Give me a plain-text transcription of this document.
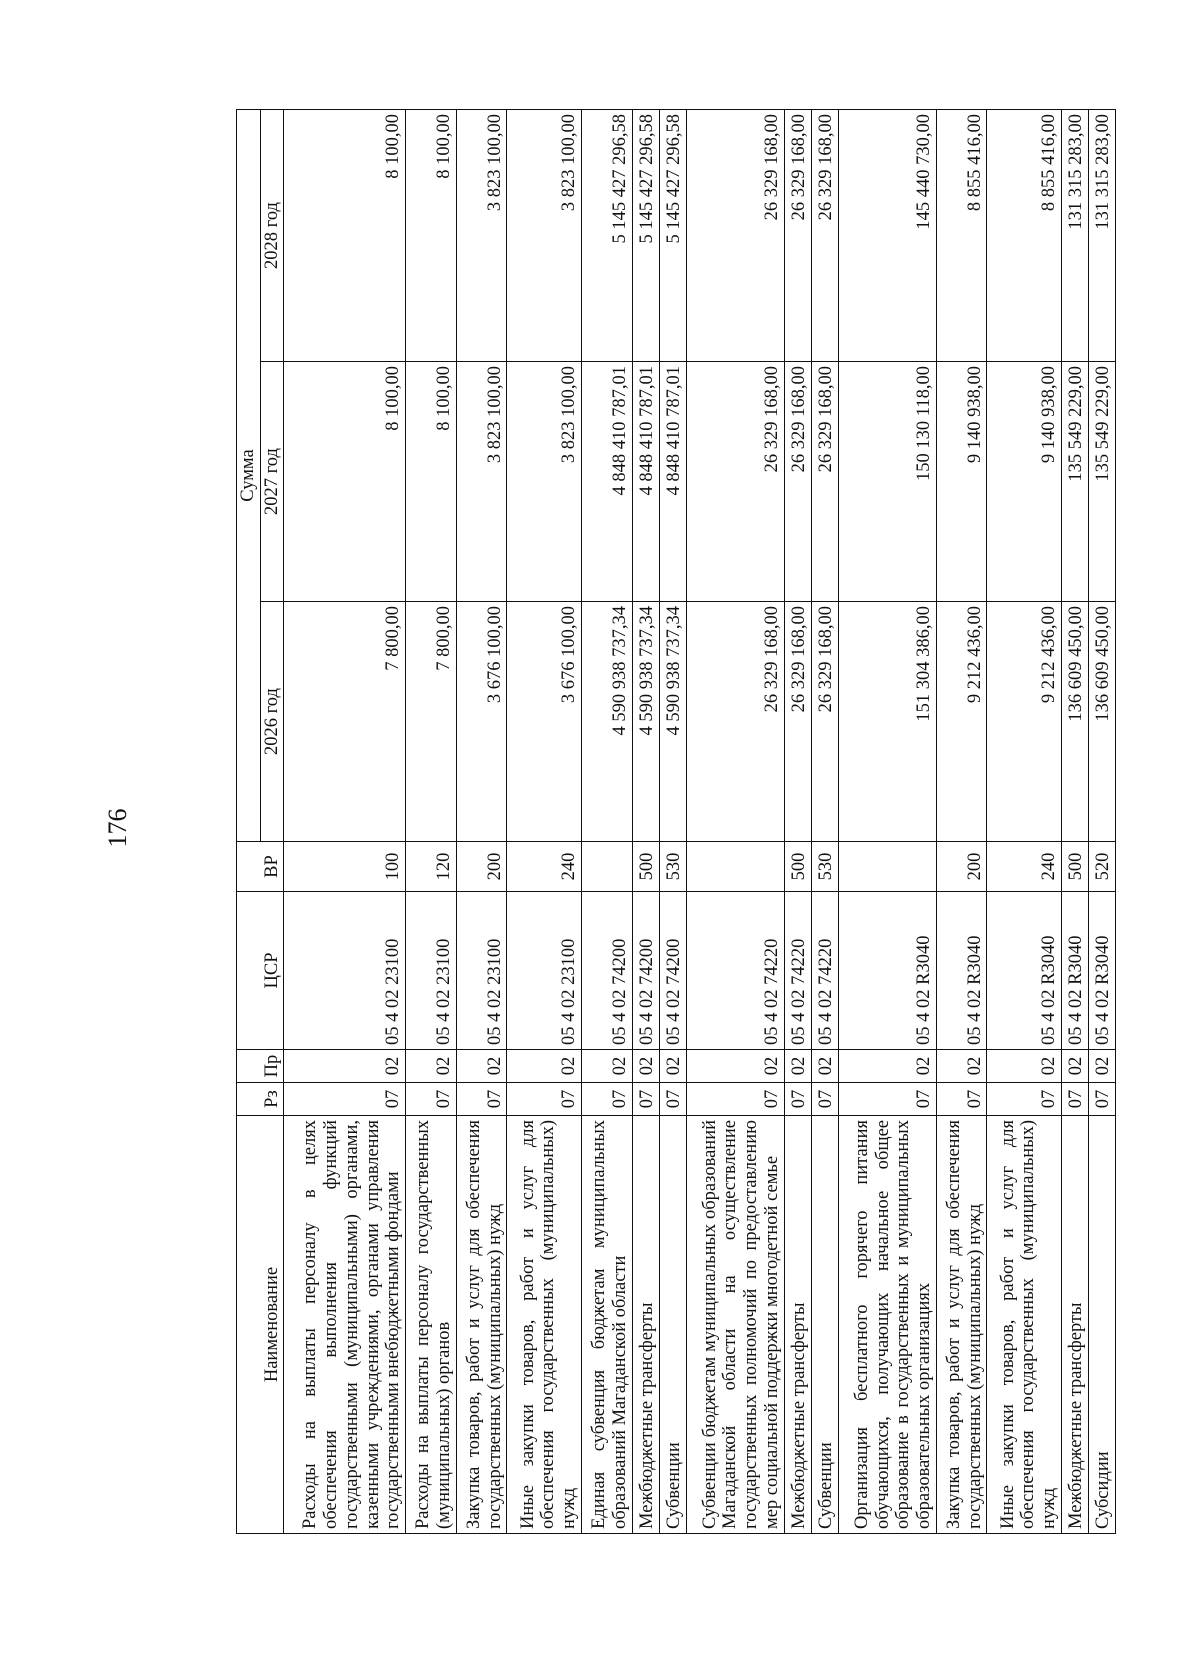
176
Наименование	Рз	Пр	ЦСР	ВР	Сумма		
					2026 год	2027 год	2028 год
Расходы на выплаты персоналу в целях обеспечения выполнения функций государственными (муниципальными) органами, казенными учреждениями, органами управления государственными внебюджетными фондами	07	02	05 4 02 23100	100	7 800,00	8 100,00	8 100,00
Расходы на выплаты персоналу государственных (муниципальных) органов	07	02	05 4 02 23100	120	7 800,00	8 100,00	8 100,00
Закупка товаров, работ и услуг для обеспечения государственных (муниципальных) нужд	07	02	05 4 02 23100	200	3 676 100,00	3 823 100,00	3 823 100,00
Иные закупки товаров, работ и услуг для обеспечения государственных (муниципальных) нужд	07	02	05 4 02 23100	240	3 676 100,00	3 823 100,00	3 823 100,00
Единая субвенция бюджетам муниципальных образований Магаданской области	07	02	05 4 02 74200		4 590 938 737,34	4 848 410 787,01	5 145 427 296,58
Межбюджетные трансферты	07	02	05 4 02 74200	500	4 590 938 737,34	4 848 410 787,01	5 145 427 296,58
Субвенции	07	02	05 4 02 74200	530	4 590 938 737,34	4 848 410 787,01	5 145 427 296,58
Субвенции бюджетам муниципальных образований Магаданской области на осуществление государственных полномочий по предоставлению мер социальной поддержки многодетной семье	07	02	05 4 02 74220		26 329 168,00	26 329 168,00	26 329 168,00
Межбюджетные трансферты	07	02	05 4 02 74220	500	26 329 168,00	26 329 168,00	26 329 168,00
Субвенции	07	02	05 4 02 74220	530	26 329 168,00	26 329 168,00	26 329 168,00
Организация бесплатного горячего питания обучающихся, получающих начальное общее образование в государственных и муниципальных образовательных организациях	07	02	05 4 02 R3040		151 304 386,00	150 130 118,00	145 440 730,00
Закупка товаров, работ и услуг для обеспечения государственных (муниципальных) нужд	07	02	05 4 02 R3040	200	9 212 436,00	9 140 938,00	8 855 416,00
Иные закупки товаров, работ и услуг для обеспечения государственных (муниципальных) нужд	07	02	05 4 02 R3040	240	9 212 436,00	9 140 938,00	8 855 416,00
Межбюджетные трансферты	07	02	05 4 02 R3040	500	136 609 450,00	135 549 229,00	131 315 283,00
Субсидии	07	02	05 4 02 R3040	520	136 609 450,00	135 549 229,00	131 315 283,00
